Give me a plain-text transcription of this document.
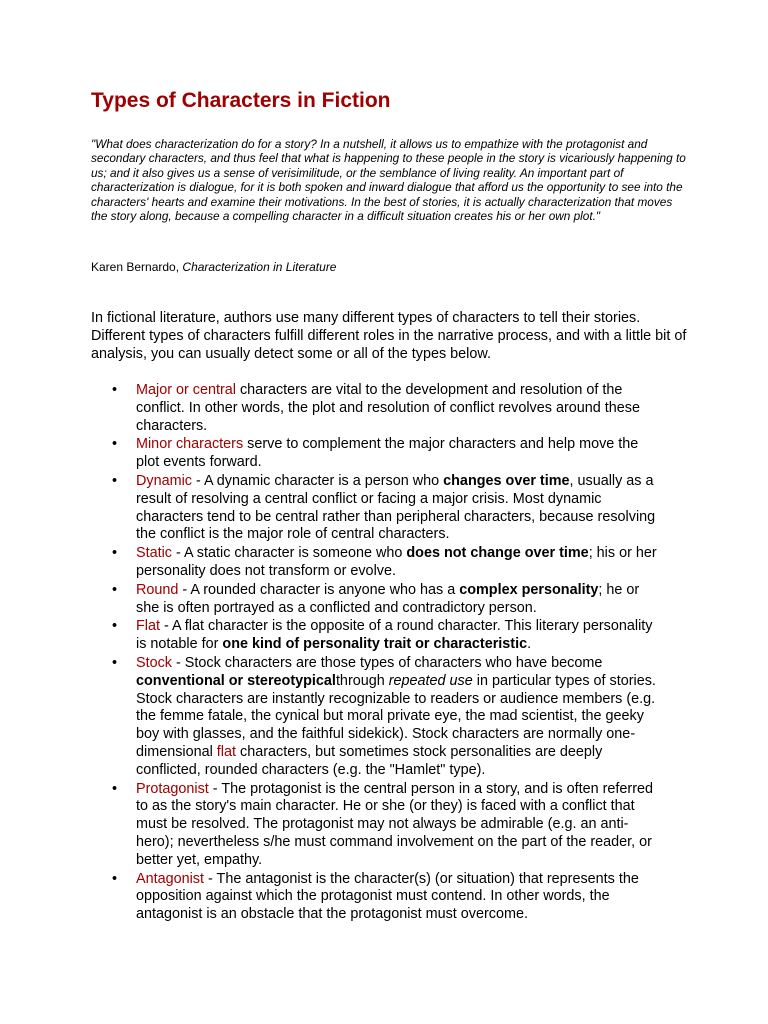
Types of Characters in Fiction

"What does characterization do for a story? In a nutshell, it allows us to empathize with the protagonist and secondary characters, and thus feel that what is happening to these people in the story is vicariously happening to us; and it also gives us a sense of verisimilitude, or the semblance of living reality. An important part of characterization is dialogue, for it is both spoken and inward dialogue that afford us the opportunity to see into the characters' hearts and examine their motivations. In the best of stories, it is actually characterization that moves the story along, because a compelling character in a difficult situation creates his or her own plot."

Karen Bernardo, Characterization in Literature

In fictional literature, authors use many different types of characters to tell their stories. Different types of characters fulfill different roles in the narrative process, and with a little bit of analysis, you can usually detect some or all of the types below.

• Major or central characters are vital to the development and resolution of the conflict. In other words, the plot and resolution of conflict revolves around these characters.
• Minor characters serve to complement the major characters and help move the plot events forward.
• Dynamic - A dynamic character is a person who changes over time, usually as a result of resolving a central conflict or facing a major crisis. Most dynamic characters tend to be central rather than peripheral characters, because resolving the conflict is the major role of central characters.
• Static - A static character is someone who does not change over time; his or her personality does not transform or evolve.
• Round - A rounded character is anyone who has a complex personality; he or she is often portrayed as a conflicted and contradictory person.
• Flat - A flat character is the opposite of a round character. This literary personality is notable for one kind of personality trait or characteristic.
• Stock - Stock characters are those types of characters who have become conventional or stereotypicalthrough repeated use in particular types of stories. Stock characters are instantly recognizable to readers or audience members (e.g. the femme fatale, the cynical but moral private eye, the mad scientist, the geeky boy with glasses, and the faithful sidekick). Stock characters are normally one-dimensional flat characters, but sometimes stock personalities are deeply conflicted, rounded characters (e.g. the "Hamlet" type).
• Protagonist - The protagonist is the central person in a story, and is often referred to as the story's main character. He or she (or they) is faced with a conflict that must be resolved. The protagonist may not always be admirable (e.g. an anti-hero); nevertheless s/he must command involvement on the part of the reader, or better yet, empathy.
• Antagonist - The antagonist is the character(s) (or situation) that represents the opposition against which the protagonist must contend. In other words, the antagonist is an obstacle that the protagonist must overcome.
